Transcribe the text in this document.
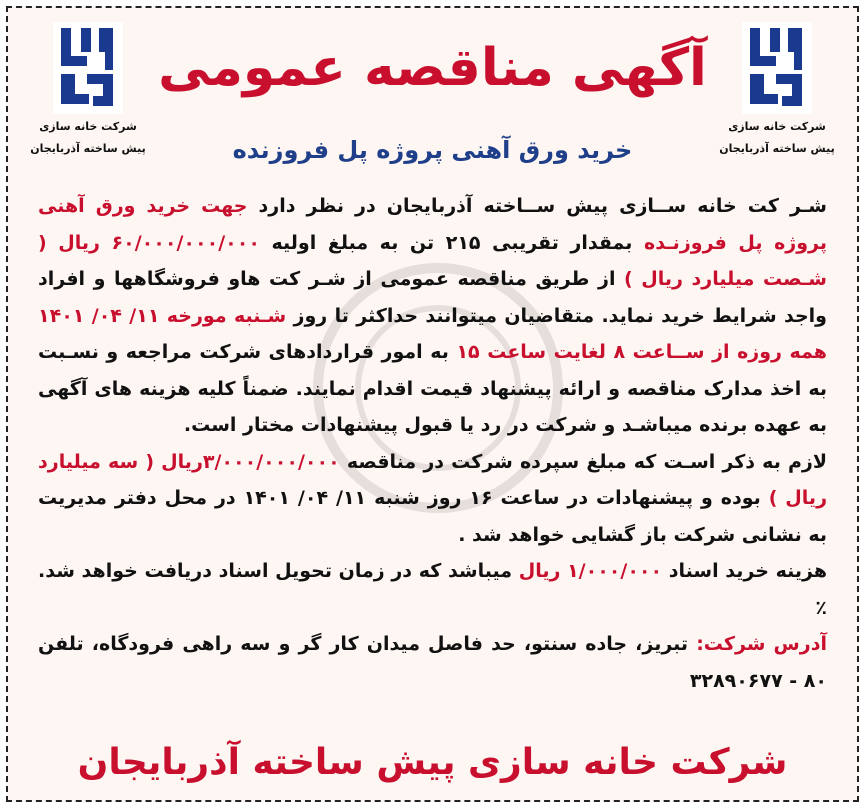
شرکت خانه سازی
پیش ساخته آذربایجان
شرکت خانه سازی
پیش ساخته آذربایجان
آگهی مناقصه عمومی
خرید ورق آهنی پروژه پل فروزنده

شـر کت خانه ســازی پیش ســاخته آذربایجان در نظر دارد جهت خرید ورق آهنی پروژه پل فروزنـده بمقدار تقریبی ۲۱۵ تن به مبلغ اولیه ۶۰/۰۰۰/۰۰۰/۰۰۰ ریال ( شـصت میلیارد ریال ) از طریق مناقصه عمومی از شـر کت هاو فروشگاهها و افراد واجد شرایط خرید نماید. متقاضیان میتوانند حداکثر تا روز شـنبه مورخه ۱۱/ ۰۴/ ۱۴۰۱ همه روزه از ســاعت ۸ لغایت ساعت ۱۵ به امور قراردادهای شرکت مراجعه و نسـبت به اخذ مدارک مناقصه و ارائه پیشنهاد قیمت اقدام نمایند. ضمناً کلیه هزینه های آگهی به عهده برنده میباشـد و شرکت در رد یا قبول پیشنهادات مختار است.

لازم به ذکر اسـت که مبلغ سپرده شرکت در مناقصه ۳/۰۰۰/۰۰۰/۰۰۰ریال ( سه میلیارد ریال ) بوده و پیشنهادات در ساعت ۱۶ روز شنبه ۱۱/ ۰۴/ ۱۴۰۱ در محل دفتر مدیریت به نشانی شرکت باز گشایی خواهد شد .

هزینه خرید اسناد ۱/۰۰۰/۰۰۰ ریال میباشد که در زمان تحویل اسناد دریافت خواهد شد. ٪

آدرس شرکت: تبریز، جاده سنتو، حد فاصل میدان کار گر و سه راهی فرودگاه، تلفن ۸۰ - ۳۲۸۹۰۶۷۷

شرکت خانه سازی پیش ساخته آذربایجان
